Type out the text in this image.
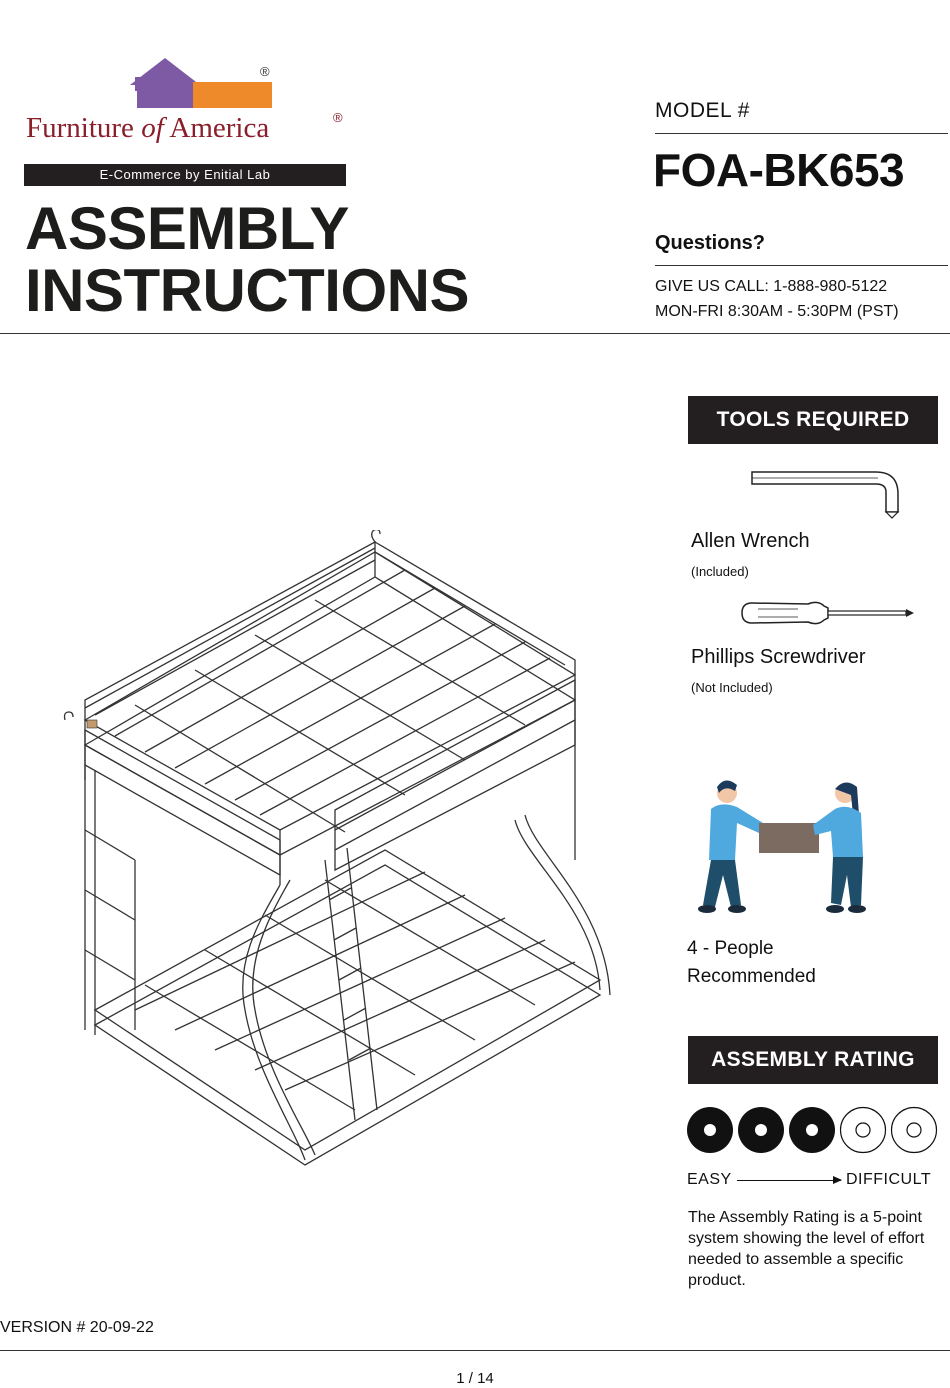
®
Furniture of America	®
E-Commerce by Enitial Lab
ASSEMBLY
INSTRUCTIONS
MODEL #
FOA-BK653
Questions?
GIVE US CALL: 1-888-980-5122
MON-FRI 8:30AM - 5:30PM (PST)
TOOLS REQUIRED
Allen Wrench
(Included)
Phillips Screwdriver
(Not Included)
4 - People
Recommended
ASSEMBLY RATING
EASY	DIFFICULT
The Assembly Rating is a 5-point system showing the level of effort needed to assemble a specific product.
VERSION # 20-09-22
1 / 14
